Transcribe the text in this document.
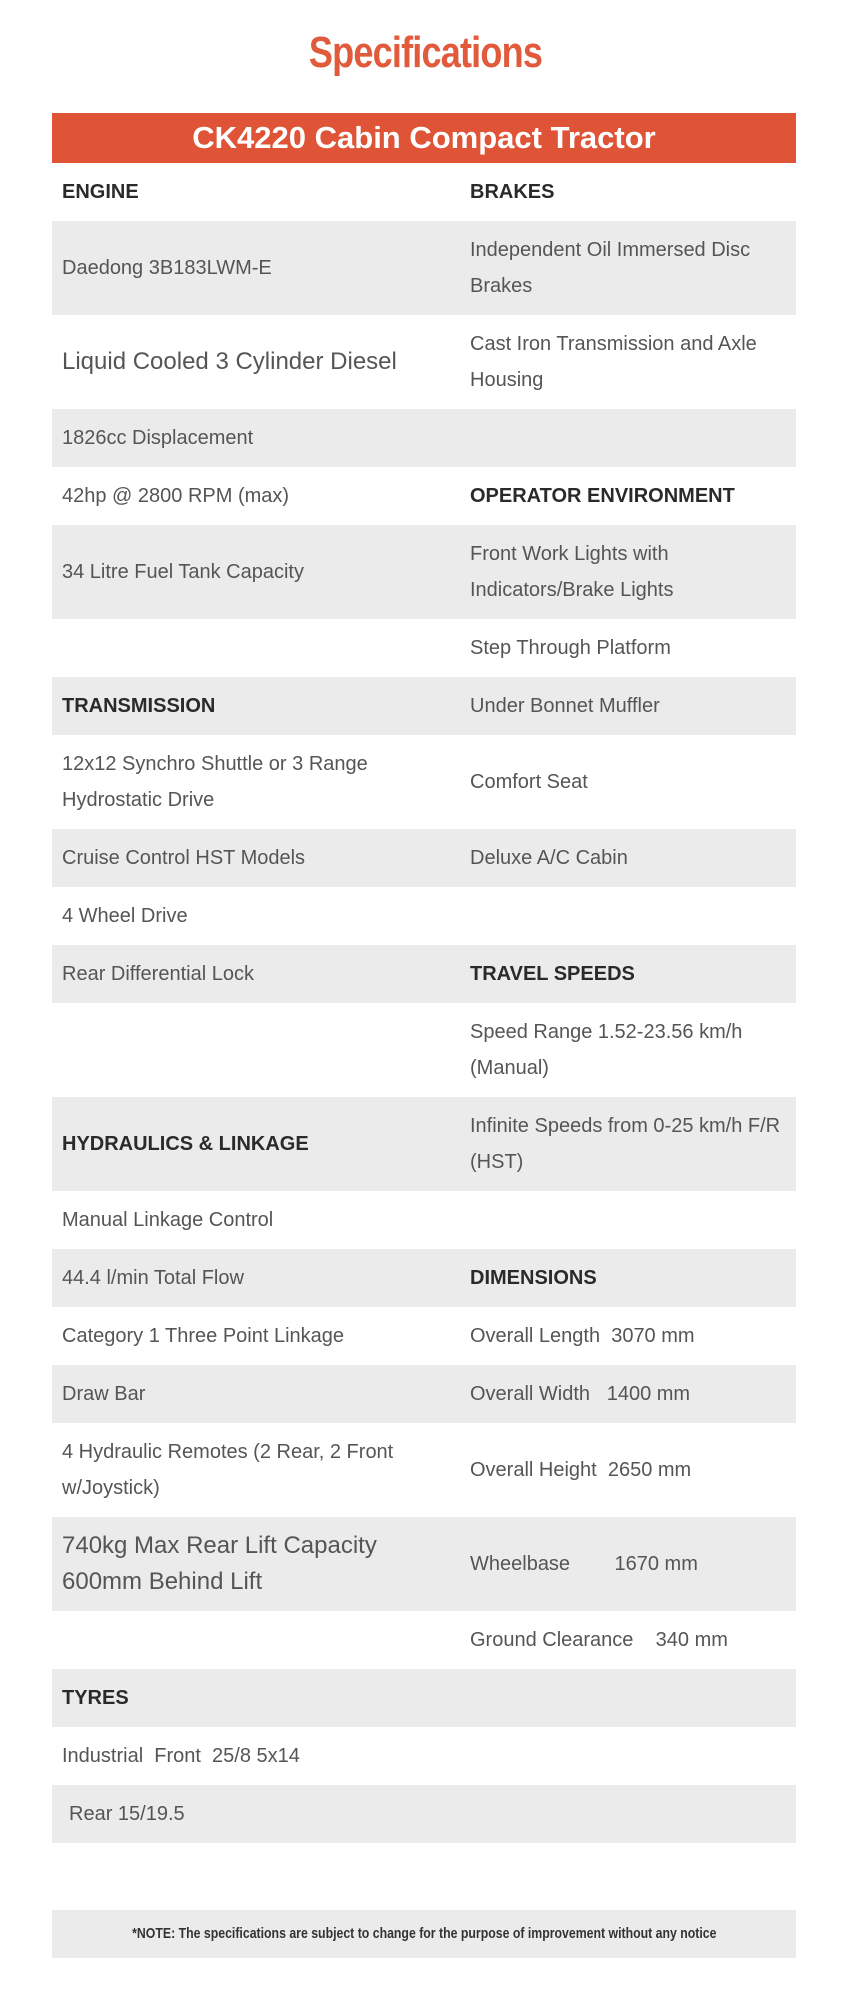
Specifications
CK4220 Cabin Compact Tractor
ENGINE	BRAKES
Daedong 3B183LWM-E	Independent Oil Immersed Disc Brakes
Liquid Cooled 3 Cylinder Diesel	Cast Iron Transmission and Axle Housing
1826cc Displacement	
42hp @ 2800 RPM (max)	OPERATOR ENVIRONMENT
34 Litre Fuel Tank Capacity	Front Work Lights with Indicators/Brake Lights
	Step Through Platform
TRANSMISSION	Under Bonnet Muffler
12x12 Synchro Shuttle or 3 Range Hydrostatic Drive	Comfort Seat
Cruise Control HST Models	Deluxe A/C Cabin
4 Wheel Drive	
Rear Differential Lock	TRAVEL SPEEDS
	Speed Range 1.52-23.56 km/h (Manual)
HYDRAULICS & LINKAGE	Infinite Speeds from 0-25 km/h F/R (HST)
Manual Linkage Control	
44.4 l/min Total Flow	DIMENSIONS
Category 1 Three Point Linkage	Overall Length  3070 mm
Draw Bar	Overall Width   1400 mm
4 Hydraulic Remotes (2 Rear, 2 Front w/Joystick)	Overall Height  2650 mm
740kg Max Rear Lift Capacity 600mm Behind Lift	Wheelbase        1670 mm
	Ground Clearance    340 mm
TYRES	
Industrial  Front  25/8 5x14	
Rear 15/19.5	
*NOTE: The specifications are subject to change for the purpose of improvement without any notice
